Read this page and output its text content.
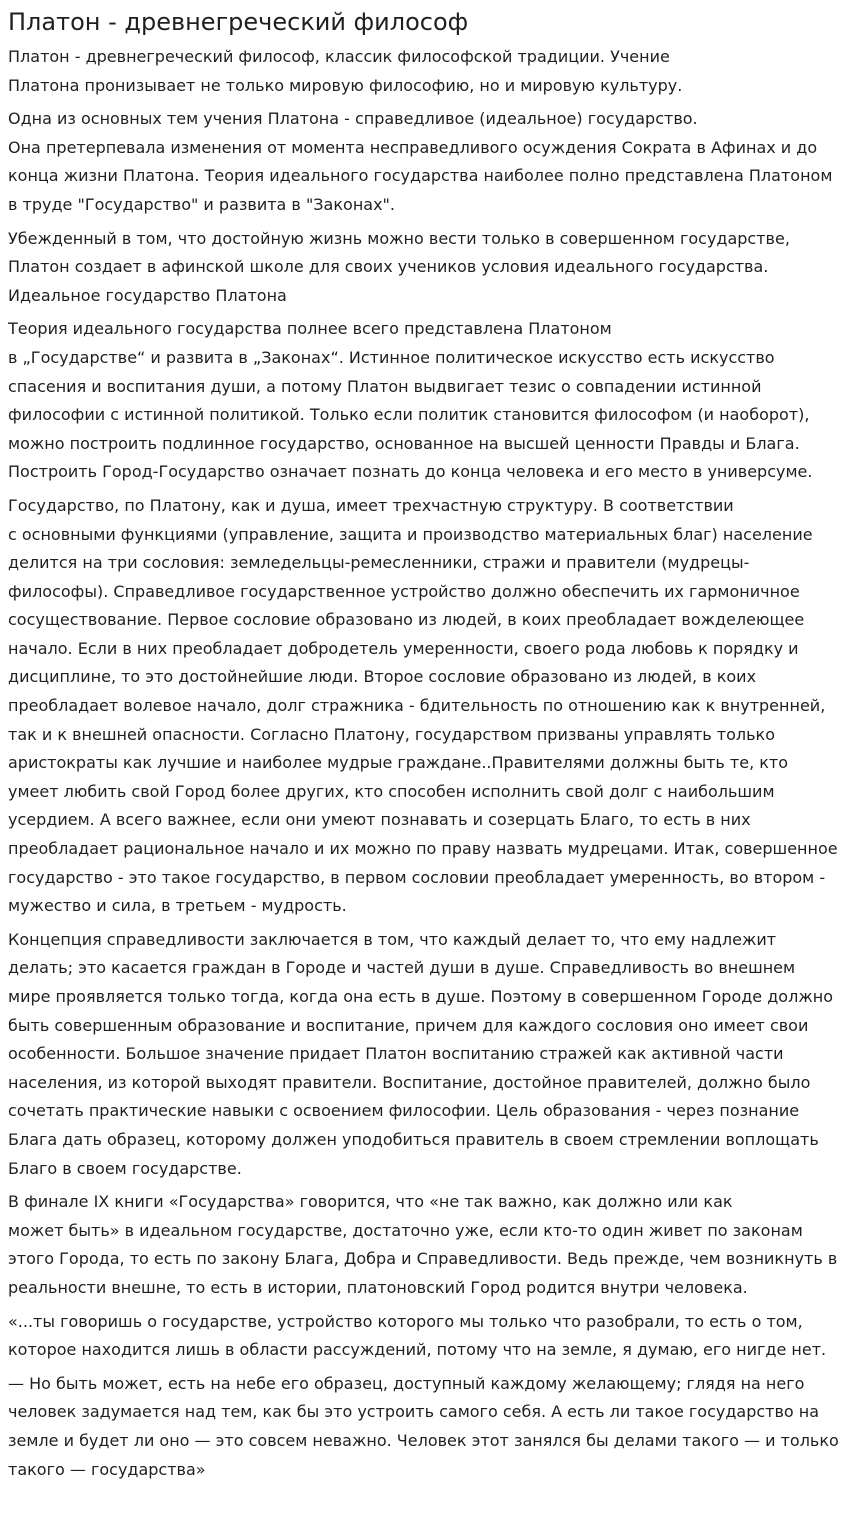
Платон - древнегреческий философ

Платон - древнегреческий философ, классик философской традиции. Учение
Платона пронизывает не только мировую философию, но и мировую культуру.

Одна из основных тем учения Платона - справедливое (идеальное) государство.
Она претерпевала изменения от момента несправедливого осуждения Сократа в Афинах и до
конца жизни Платона. Теория идеального государства наиболее полно представлена Платоном
в труде "Государство" и развита в "Законах".

Убежденный в том, что достойную жизнь можно вести только в совершенном государстве,
Платон создает в афинской школе для своих учеников условия идеального государства.
Идеальное государство Платона

Теория идеального государства полнее всего представлена Платоном
в „Государстве“ и развита в „Законах“. Истинное политическое искусство есть искусство
спасения и воспитания души, а потому Платон выдвигает тезис о совпадении истинной
философии с истинной политикой. Только если политик становится философом (и наоборот),
можно построить подлинное государство, основанное на высшей ценности Правды и Блага.
Построить Город-Государство означает познать до конца человека и его место в универсуме.

Государство, по Платону, как и душа, имеет трехчастную структуру. В соответствии
с основными функциями (управление, защита и производство материальных благ) население
делится на три сословия: земледельцы-ремесленники, стражи и правители (мудрецы-
философы). Справедливое государственное устройство должно обеспечить их гармоничное
сосуществование. Первое сословие образовано из людей, в коих преобладает вожделеющее
начало. Если в них преобладает добродетель умеренности, своего рода любовь к порядку и
дисциплине, то это достойнейшие люди. Второе сословие образовано из людей, в коих
преобладает волевое начало, долг стражника - бдительность по отношению как к внутренней,
так и к внешней опасности. Согласно Платону, государством призваны управлять только
аристократы как лучшие и наиболее мудрые граждане..Правителями должны быть те, кто
умеет любить свой Город более других, кто способен исполнить свой долг с наибольшим
усердием. А всего важнее, если они умеют познавать и созерцать Благо, то есть в них
преобладает рациональное начало и их можно по праву назвать мудрецами. Итак, совершенное
государство - это такое государство, в первом сословии преобладает умеренность, во втором -
мужество и сила, в третьем - мудрость.

Концепция справедливости заключается в том, что каждый делает то, что ему надлежит
делать; это касается граждан в Городе и частей души в душе. Справедливость во внешнем
мире проявляется только тогда, когда она есть в душе. Поэтому в совершенном Городе должно
быть совершенным образование и воспитание, причем для каждого сословия оно имеет свои
особенности. Большое значение придает Платон воспитанию стражей как активной части
населения, из которой выходят правители. Воспитание, достойное правителей, должно было
сочетать практические навыки с освоением философии. Цель образования - через познание
Блага дать образец, которому должен уподобиться правитель в своем стремлении воплощать
Благо в своем государстве.

В финале IX книги «Государства» говорится, что «не так важно, как должно или как
может быть» в идеальном государстве, достаточно уже, если кто-то один живет по законам
этого Города, то есть по закону Блага, Добра и Справедливости. Ведь прежде, чем возникнуть в
реальности внешне, то есть в истории, платоновский Город родится внутри человека.

«...ты говоришь о государстве, устройство которого мы только что разобрали, то есть о том,
которое находится лишь в области рассуждений, потому что на земле, я думаю, его нигде нет.

— Но быть может, есть на небе его образец, доступный каждому желающему; глядя на него
человек задумается над тем, как бы это устроить самого себя. А есть ли такое государство на
земле и будет ли оно — это совсем неважно. Человек этот занялся бы делами такого — и только
такого — государства»
